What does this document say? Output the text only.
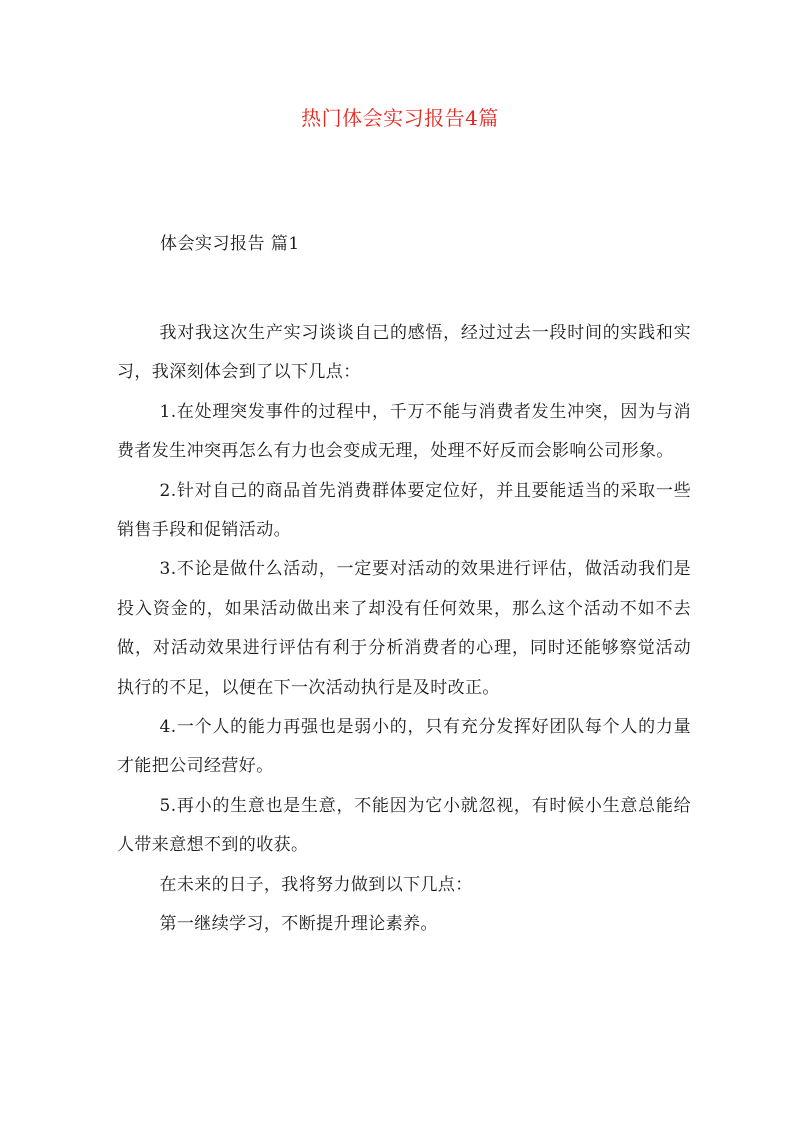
热门体会实习报告4篇
体会实习报告 篇1

我对我这次生产实习谈谈自己的感悟，经过过去一段时间的实践和实习，我深刻体会到了以下几点：

1.在处理突发事件的过程中，千万不能与消费者发生冲突，因为与消费者发生冲突再怎么有力也会变成无理，处理不好反而会影响公司形象。

2.针对自己的商品首先消费群体要定位好，并且要能适当的采取一些销售手段和促销活动。

3.不论是做什么活动，一定要对活动的效果进行评估，做活动我们是投入资金的，如果活动做出来了却没有任何效果，那么这个活动不如不去做，对活动效果进行评估有利于分析消费者的心理，同时还能够察觉活动执行的不足，以便在下一次活动执行是及时改正。

4.一个人的能力再强也是弱小的，只有充分发挥好团队每个人的力量才能把公司经营好。

5.再小的生意也是生意，不能因为它小就忽视，有时候小生意总能给人带来意想不到的收获。

在未来的日子，我将努力做到以下几点：

第一继续学习，不断提升理论素养。
